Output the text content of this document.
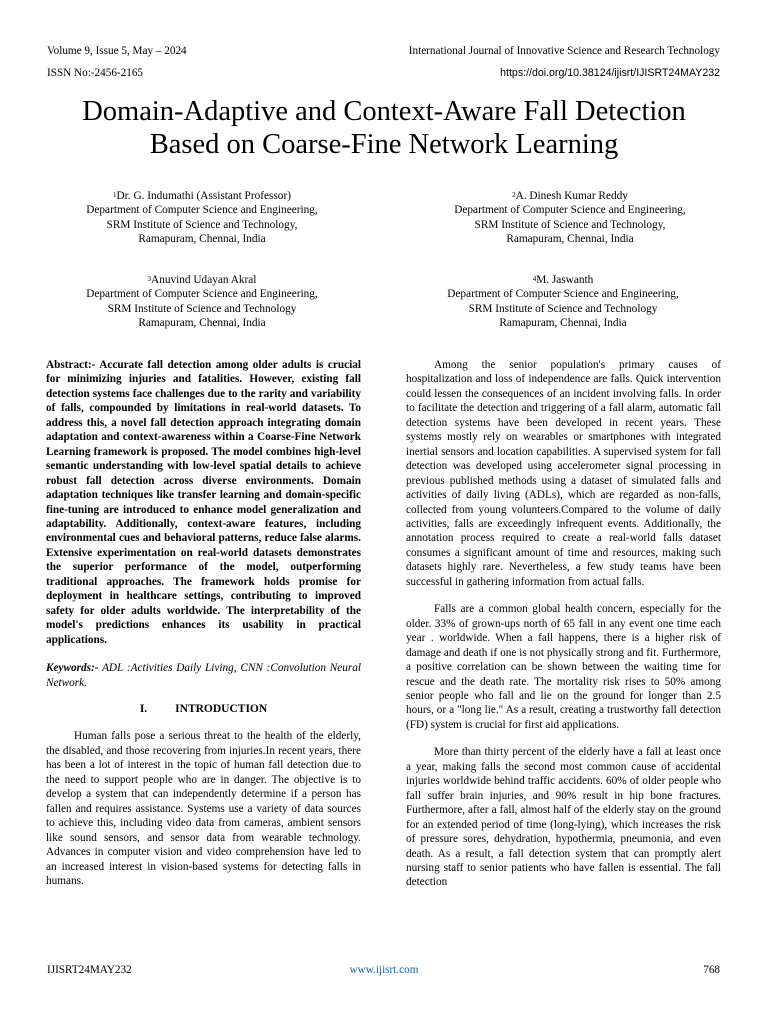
Volume 9, Issue 5, May – 2024	International Journal of Innovative Science and Research Technology
ISSN No:-2456-2165	https://doi.org/10.38124/ijisrt/IJISRT24MAY232
Domain-Adaptive and Context-Aware Fall Detection
Based on Coarse-Fine Network Learning
$^1$Dr. G. Indumathi (Assistant Professor)
Department of Computer Science and Engineering,
SRM Institute of Science and Technology,
Ramapuram, Chennai, India
$^2$A. Dinesh Kumar Reddy
Department of Computer Science and Engineering,
SRM Institute of Science and Technology,
Ramapuram, Chennai, India
$^3$Anuvind Udayan Akral
Department of Computer Science and Engineering,
SRM Institute of Science and Technology
Ramapuram, Chennai, India
$^4$M. Jaswanth
Department of Computer Science and Engineering,
SRM Institute of Science and Technology
Ramapuram, Chennai, India

Abstract:- Accurate fall detection among older adults is crucial for minimizing injuries and fatalities. However, existing fall detection systems face challenges due to the rarity and variability of falls, compounded by limitations in real-world datasets. To address this, a novel fall detection approach integrating domain adaptation and context-awareness within a Coarse-Fine Network Learning framework is proposed. The model combines high-level semantic understanding with low-level spatial details to achieve robust fall detection across diverse environments. Domain adaptation techniques like transfer learning and domain-specific fine-tuning are introduced to enhance model generalization and adaptability. Additionally, context-aware features, including environmental cues and behavioral patterns, reduce false alarms. Extensive experimentation on real-world datasets demonstrates the superior performance of the model, outperforming traditional approaches. The framework holds promise for deployment in healthcare settings, contributing to improved safety for older adults worldwide. The interpretability of the model's predictions enhances its usability in practical applications.

Keywords:- ADL :Activities Daily Living, CNN :Convolution Neural Network.

I. INTRODUCTION

Human falls pose a serious threat to the health of the elderly, the disabled, and those recovering from injuries.In recent years, there has been a lot of interest in the topic of human fall detection due to the need to support people who are in danger. The objective is to develop a system that can independently determine if a person has fallen and requires assistance. Systems use a variety of data sources to achieve this, including video data from cameras, ambient sensors like sound sensors, and sensor data from wearable technology. Advances in computer vision and video comprehension have led to an increased interest in vision-based systems for detecting falls in humans.

Among the senior population's primary causes of hospitalization and loss of independence are falls. Quick intervention could lessen the consequences of an incident involving falls. In order to facilitate the detection and triggering of a fall alarm, automatic fall detection systems have been developed in recent years. These systems mostly rely on wearables or smartphones with integrated inertial sensors and location capabilities. A supervised system for fall detection was developed using accelerometer signal processing in previous published methods using a dataset of simulated falls and activities of daily living (ADLs), which are regarded as non-falls, collected from young volunteers.Compared to the volume of daily activities, falls are exceedingly infrequent events. Additionally, the annotation process required to create a real-world falls dataset consumes a significant amount of time and resources, making such datasets highly rare. Nevertheless, a few study teams have been successful in gathering information from actual falls.

Falls are a common global health concern, especially for the older. 33% of grown-ups north of 65 fall in any event one time each year . worldwide. When a fall happens, there is a higher risk of damage and death if one is not physically strong and fit. Furthermore, a positive correlation can be shown between the waiting time for rescue and the death rate. The mortality risk rises to 50% among senior people who fall and lie on the ground for longer than 2.5 hours, or a "long lie." As a result, creating a trustworthy fall detection (FD) system is crucial for first aid applications.

More than thirty percent of the elderly have a fall at least once a year, making falls the second most common cause of accidental injuries worldwide behind traffic accidents. 60% of older people who fall suffer brain injuries, and 90% result in hip bone fractures. Furthermore, after a fall, almost half of the elderly stay on the ground for an extended period of time (long-lying), which increases the risk of pressure sores, dehydration, hypothermia, pneumonia, and even death. As a result, a fall detection system that can promptly alert nursing staff to senior patients who have fallen is essential. The fall detection

IJISRT24MAY232	www.ijisrt.com	768
